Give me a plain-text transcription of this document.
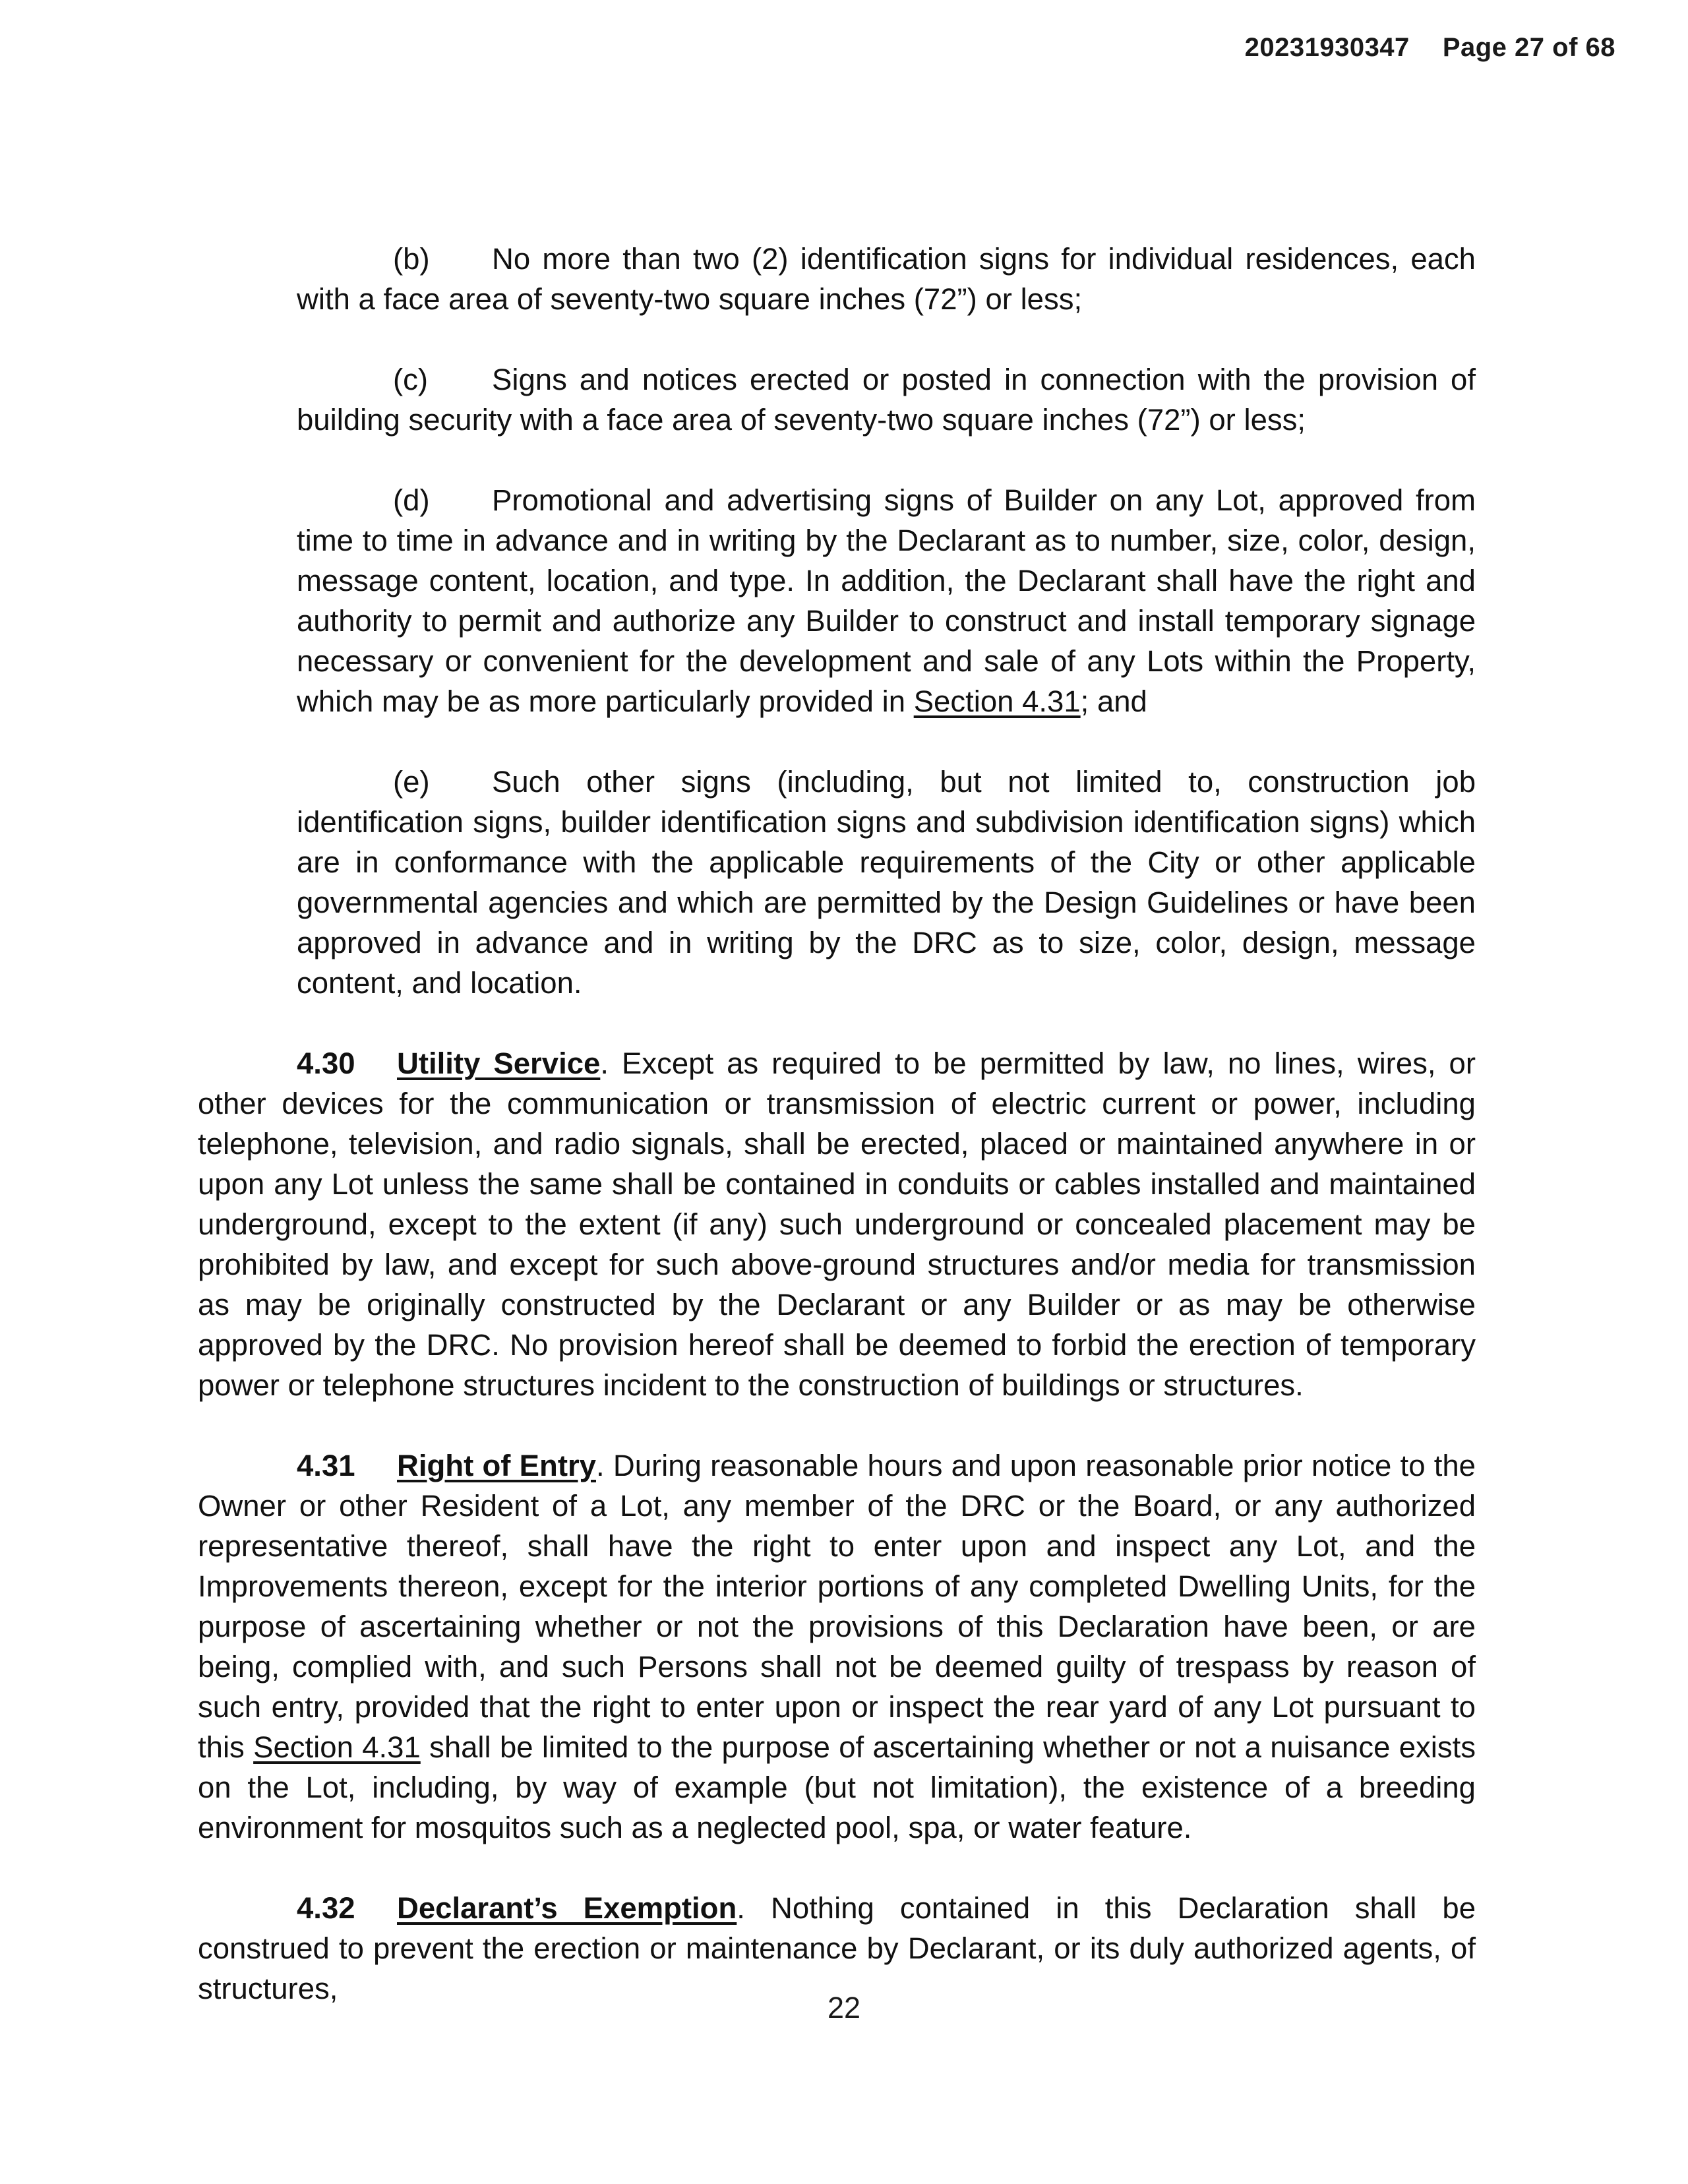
20231930347 Page 27 of 68

(b) No more than two (2) identification signs for individual residences, each with a face area of seventy-two square inches (72”) or less;

(c) Signs and notices erected or posted in connection with the provision of building security with a face area of seventy-two square inches (72”) or less;

(d) Promotional and advertising signs of Builder on any Lot, approved from time to time in advance and in writing by the Declarant as to number, size, color, design, message content, location, and type. In addition, the Declarant shall have the right and authority to permit and authorize any Builder to construct and install temporary signage necessary or convenient for the development and sale of any Lots within the Property, which may be as more particularly provided in Section 4.31; and

(e) Such other signs (including, but not limited to, construction job identification signs, builder identification signs and subdivision identification signs) which are in conformance with the applicable requirements of the City or other applicable governmental agencies and which are permitted by the Design Guidelines or have been approved in advance and in writing by the DRC as to size, color, design, message content, and location.

4.30 Utility Service. Except as required to be permitted by law, no lines, wires, or other devices for the communication or transmission of electric current or power, including telephone, television, and radio signals, shall be erected, placed or maintained anywhere in or upon any Lot unless the same shall be contained in conduits or cables installed and maintained underground, except to the extent (if any) such underground or concealed placement may be prohibited by law, and except for such above-ground structures and/or media for transmission as may be originally constructed by the Declarant or any Builder or as may be otherwise approved by the DRC. No provision hereof shall be deemed to forbid the erection of temporary power or telephone structures incident to the construction of buildings or structures.

4.31 Right of Entry. During reasonable hours and upon reasonable prior notice to the Owner or other Resident of a Lot, any member of the DRC or the Board, or any authorized representative thereof, shall have the right to enter upon and inspect any Lot, and the Improvements thereon, except for the interior portions of any completed Dwelling Units, for the purpose of ascertaining whether or not the provisions of this Declaration have been, or are being, complied with, and such Persons shall not be deemed guilty of trespass by reason of such entry, provided that the right to enter upon or inspect the rear yard of any Lot pursuant to this Section 4.31 shall be limited to the purpose of ascertaining whether or not a nuisance exists on the Lot, including, by way of example (but not limitation), the existence of a breeding environment for mosquitos such as a neglected pool, spa, or water feature.

4.32 Declarant’s Exemption. Nothing contained in this Declaration shall be construed to prevent the erection or maintenance by Declarant, or its duly authorized agents, of structures,

22
